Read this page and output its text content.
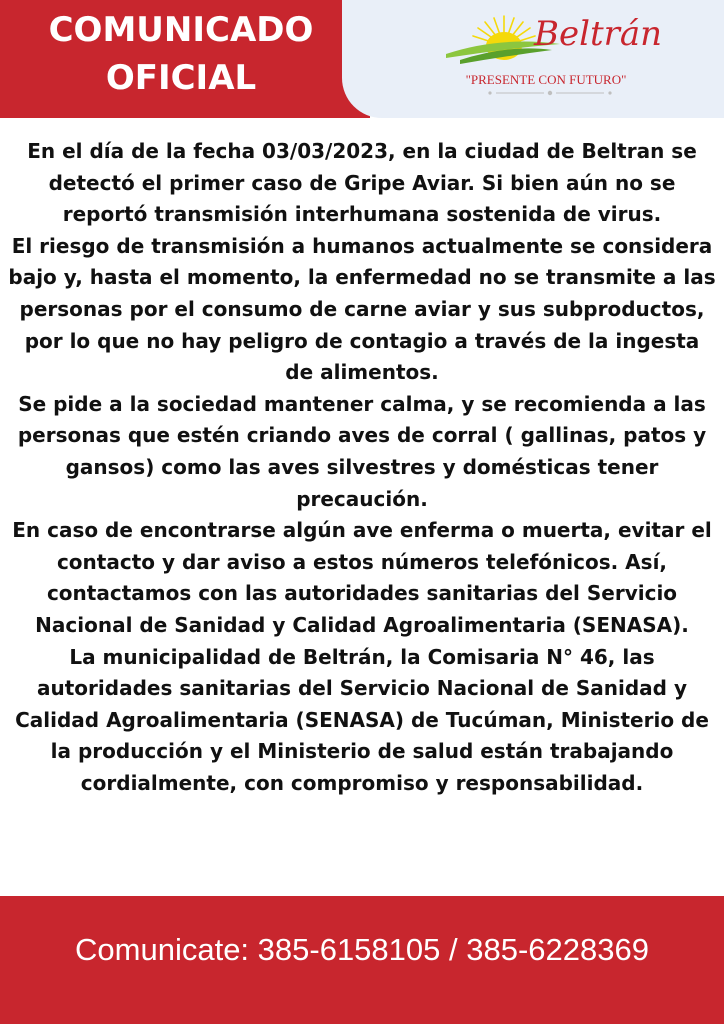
COMUNICADO
OFICIAL
Beltrán
"PRESENTE CON FUTURO"

En el día de la fecha 03/03/2023, en la ciudad de Beltran se detectó el primer caso de Gripe Aviar. Si bien aún no se reportó transmisión interhumana sostenida de virus.
El riesgo de transmisión a humanos actualmente se considera bajo y, hasta el momento, la enfermedad no se transmite a las personas por el consumo de carne aviar y sus subproductos, por lo que no hay peligro de contagio a través de la ingesta de alimentos.
Se pide a la sociedad mantener calma, y se recomienda a las personas que estén criando aves de corral ( gallinas, patos y gansos) como las aves silvestres y domésticas tener precaución.
En caso de encontrarse algún ave enferma o muerta, evitar el contacto y dar aviso a estos números telefónicos. Así, contactamos con las autoridades sanitarias del Servicio Nacional de Sanidad y Calidad Agroalimentaria (SENASA).
La municipalidad de Beltrán, la Comisaria N° 46, las autoridades sanitarias del Servicio Nacional de Sanidad y Calidad Agroalimentaria (SENASA) de Tucúman, Ministerio de la producción y el Ministerio de salud están trabajando cordialmente, con compromiso y responsabilidad.

Comunicate: 385-6158105 / 385-6228369
